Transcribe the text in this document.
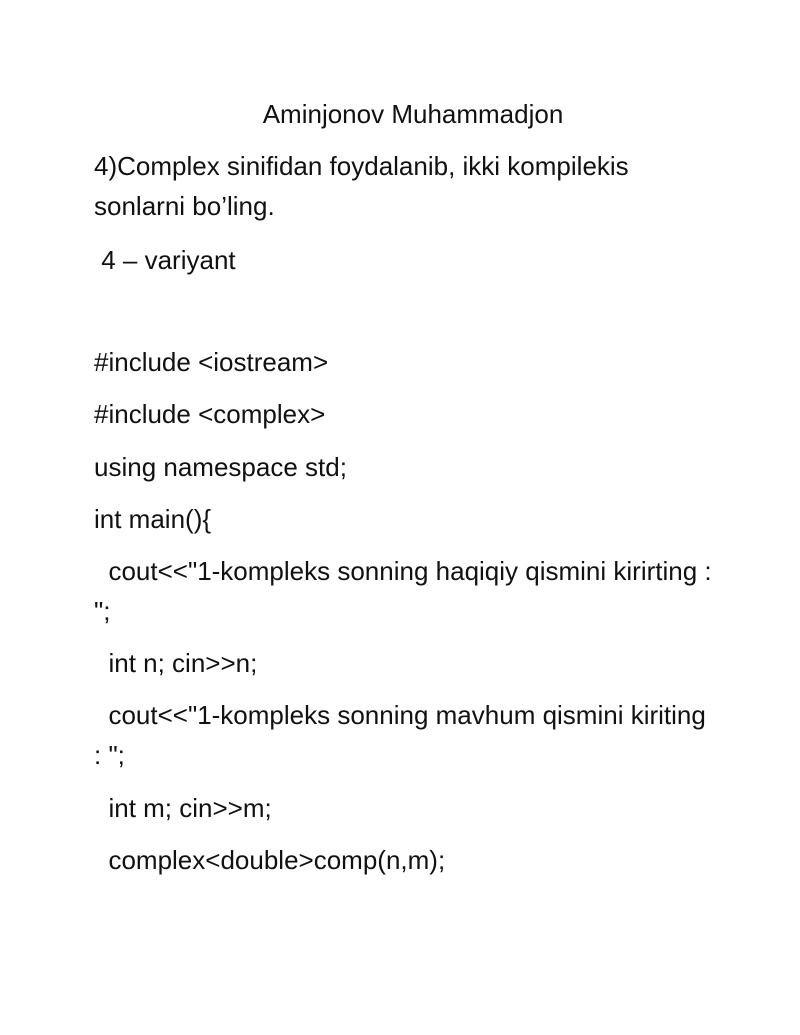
Aminjonov Muhammadjon

4)Complex sinifidan foydalanib, ikki kompilekis sonlarni bo’ling.

4 – variyant

#include <iostream>

#include <complex>

using namespace std;

int main(){

cout<<"1-kompleks sonning haqiqiy qismini kirirting : ";

int n; cin>>n;

cout<<"1-kompleks sonning mavhum qismini kiriting   : ";

int m; cin>>m;

complex<double>comp(n,m);
